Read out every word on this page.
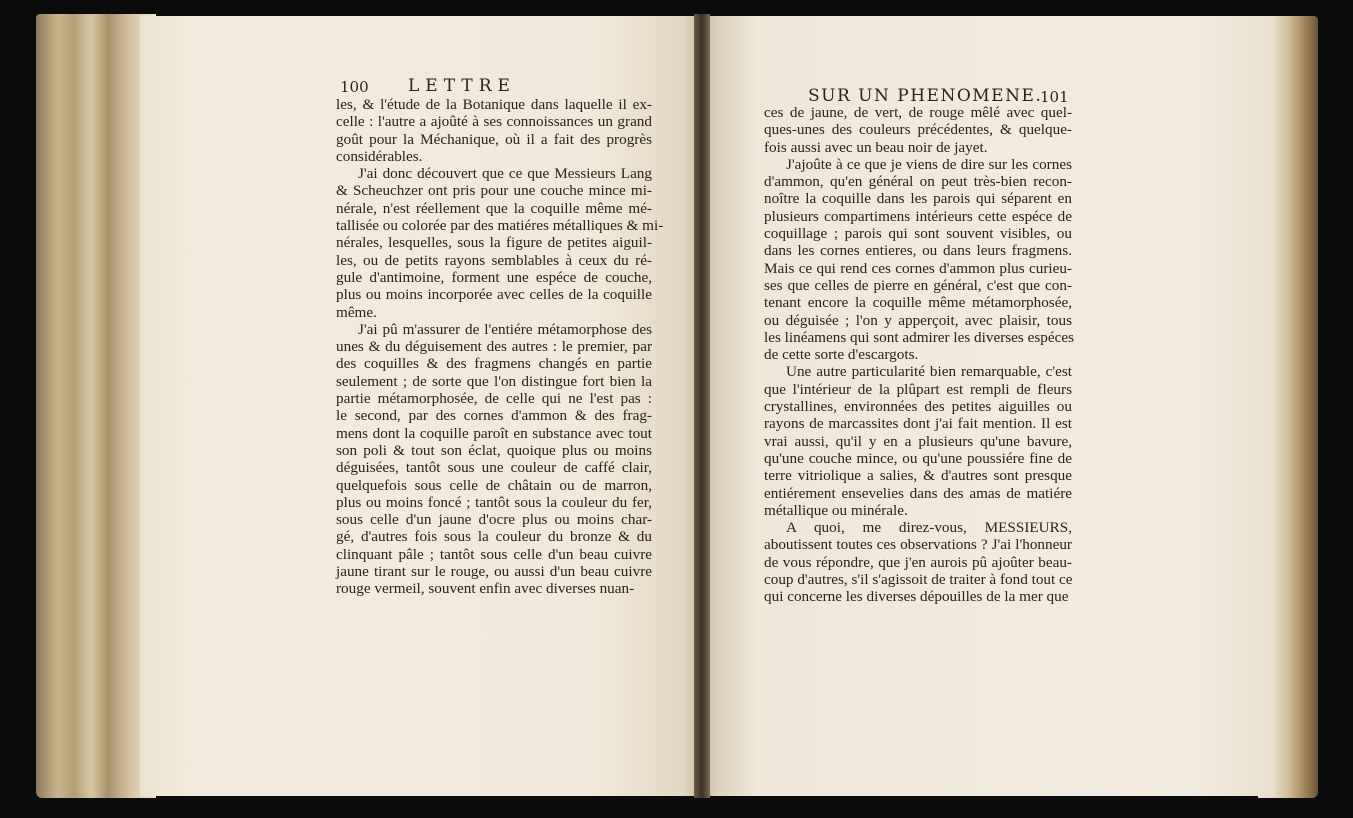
100 LETTRE
les, & l'étude de la Botanique dans laquelle il ex-
celle : l'autre a ajoûté à ses connoissances un grand
goût pour la Méchanique, où il a fait des progrès
considérables.
J'ai donc découvert que ce que Messieurs Lang
& Scheuchzer ont pris pour une couche mince mi-
nérale, n'est réellement que la coquille même mé-
tallisée ou colorée par des matiéres métalliques & mi-
nérales, lesquelles, sous la figure de petites aiguil-
les, ou de petits rayons semblables à ceux du ré-
gule d'antimoine, forment une espéce de couche,
plus ou moins incorporée avec celles de la coquille
même.
J'ai pû m'assurer de l'entiére métamorphose des
unes & du déguisement des autres : le premier, par
des coquilles & des fragmens changés en partie
seulement ; de sorte que l'on distingue fort bien la
partie métamorphosée, de celle qui ne l'est pas :
le second, par des cornes d'ammon & des frag-
mens dont la coquille paroît en substance avec tout
son poli & tout son éclat, quoique plus ou moins
déguisées, tantôt sous une couleur de caffé clair,
quelquefois sous celle de châtain ou de marron,
plus ou moins foncé ; tantôt sous la couleur du fer,
sous celle d'un jaune d'ocre plus ou moins char-
gé, d'autres fois sous la couleur du bronze & du
clinquant pâle ; tantôt sous celle d'un beau cuivre
jaune tirant sur le rouge, ou aussi d'un beau cuivre
rouge vermeil, souvent enfin avec diverses nuan-
SUR UN PHENOMENE.
101
ces de jaune, de vert, de rouge mêlé avec quel-
ques-unes des couleurs précédentes, & quelque-
fois aussi avec un beau noir de jayet.
J'ajoûte à ce que je viens de dire sur les cornes
d'ammon, qu'en général on peut très-bien recon-
noître la coquille dans les parois qui séparent en
plusieurs compartimens intérieurs cette espéce de
coquillage ; parois qui sont souvent visibles, ou
dans les cornes entieres, ou dans leurs fragmens.
Mais ce qui rend ces cornes d'ammon plus curieu-
ses que celles de pierre en général, c'est que con-
tenant encore la coquille même métamorphosée,
ou déguisée ; l'on y apperçoit, avec plaisir, tous
les linéamens qui sont admirer les diverses espéces
de cette sorte d'escargots.
Une autre particularité bien remarquable, c'est
que l'intérieur de la plûpart est rempli de fleurs
crystallines, environnées des petites aiguilles ou
rayons de marcassites dont j'ai fait mention. Il est
vrai aussi, qu'il y en a plusieurs qu'une bavure,
qu'une couche mince, ou qu'une poussiére fine de
terre vitriolique a salies, & d'autres sont presque
entiérement ensevelies dans des amas de matiére
métallique ou minérale.
A quoi, me direz-vous, MESSIEURS,
aboutissent toutes ces observations ? J'ai l'honneur
de vous répondre, que j'en aurois pû ajoûter beau-
coup d'autres, s'il s'agissoit de traiter à fond tout ce
qui concerne les diverses dépouilles de la mer que
